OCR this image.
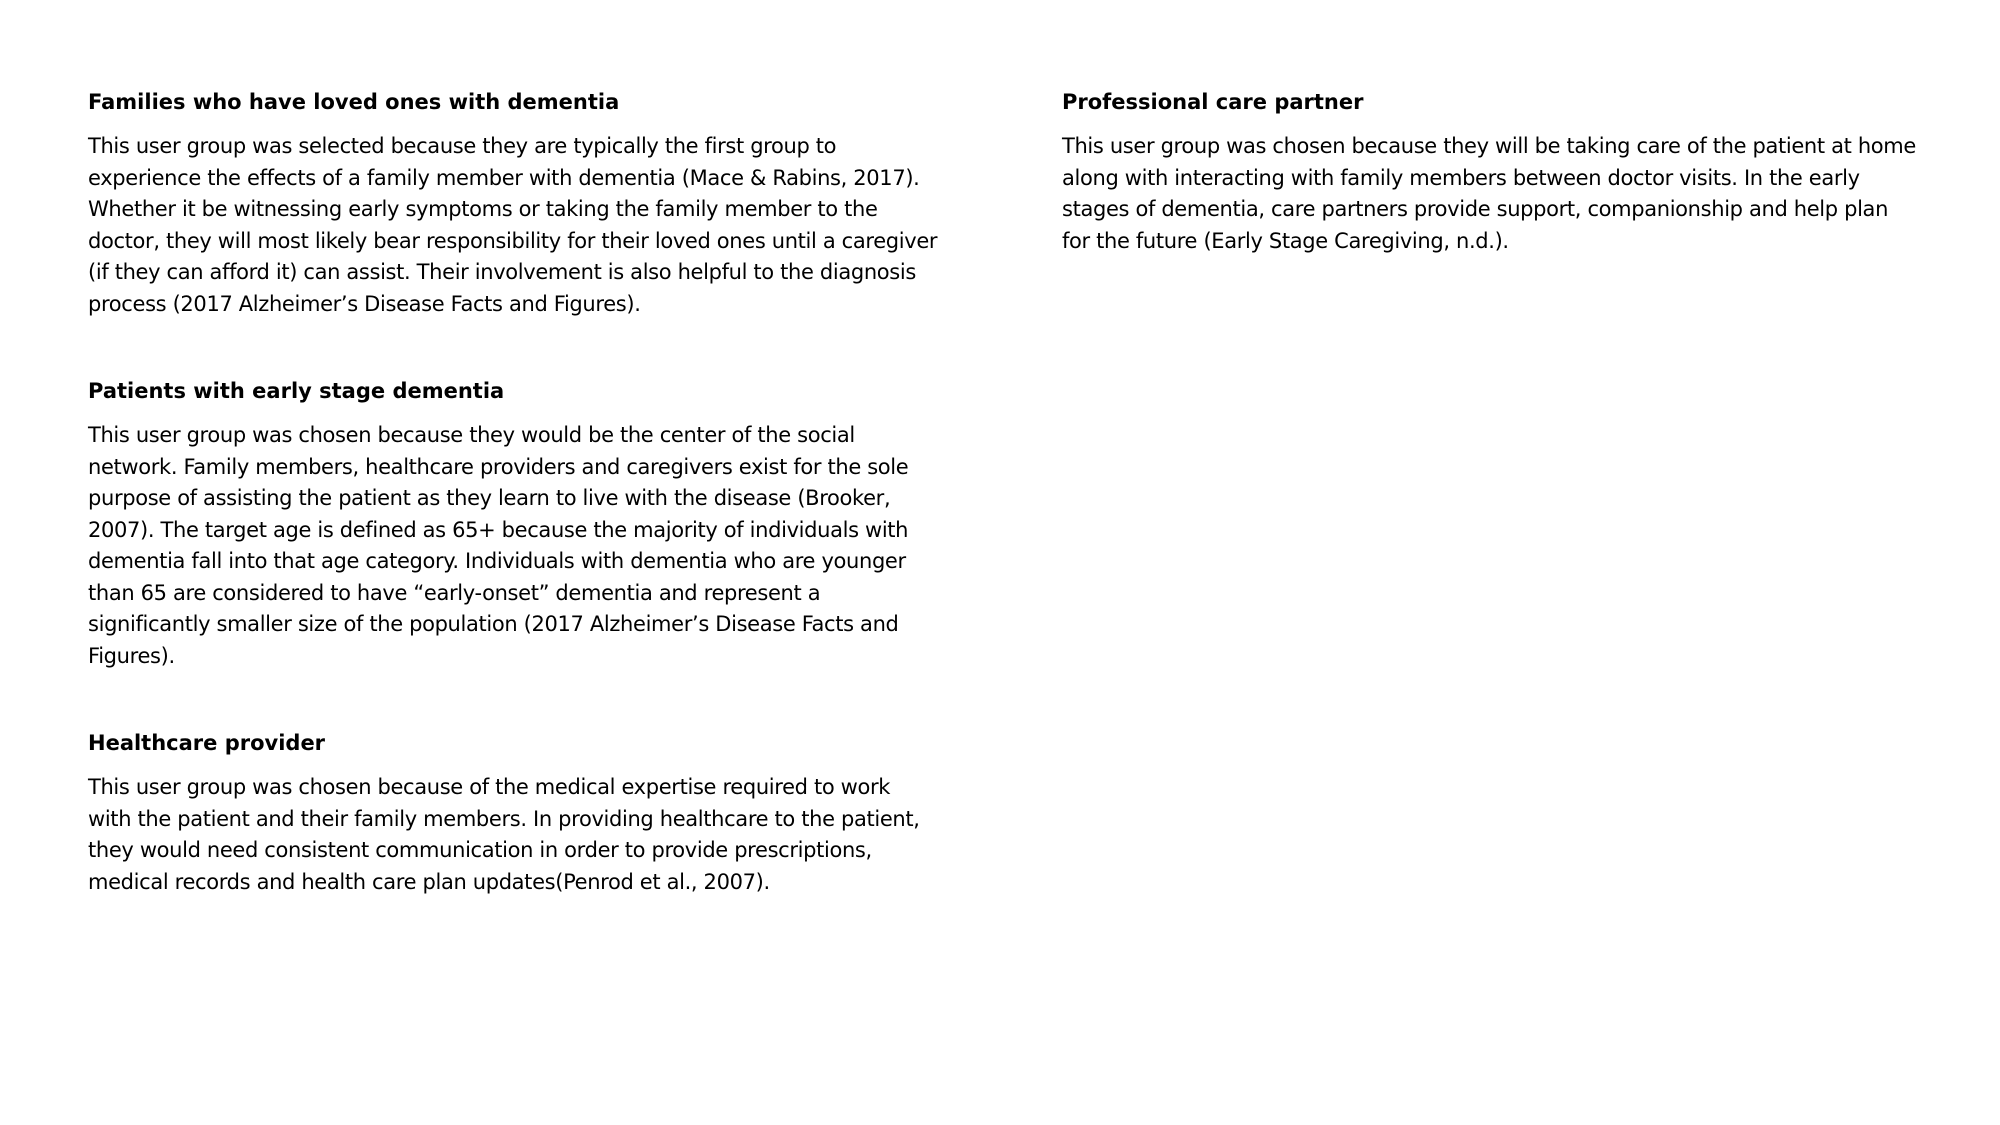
Families who have loved ones with dementia

This user group was selected because they are typically the first group to
experience the effects of a family member with dementia (Mace & Rabins, 2017).
Whether it be witnessing early symptoms or taking the family member to the
doctor, they will most likely bear responsibility for their loved ones until a caregiver
(if they can afford it) can assist. Their involvement is also helpful to the diagnosis
process (2017 Alzheimer’s Disease Facts and Figures).

Patients with early stage dementia

This user group was chosen because they would be the center of the social
network. Family members, healthcare providers and caregivers exist for the sole
purpose of assisting the patient as they learn to live with the disease (Brooker,
2007). The target age is defined as 65+ because the majority of individuals with
dementia fall into that age category. Individuals with dementia who are younger
than 65 are considered to have “early-onset” dementia and represent a
significantly smaller size of the population (2017 Alzheimer’s Disease Facts and
Figures).

Healthcare provider

This user group was chosen because of the medical expertise required to work
with the patient and their family members. In providing healthcare to the patient,
they would need consistent communication in order to provide prescriptions,
medical records and health care plan updates(Penrod et al., 2007).

Professional care partner

This user group was chosen because they will be taking care of the patient at home
along with interacting with family members between doctor visits. In the early
stages of dementia, care partners provide support, companionship and help plan
for the future (Early Stage Caregiving, n.d.).
